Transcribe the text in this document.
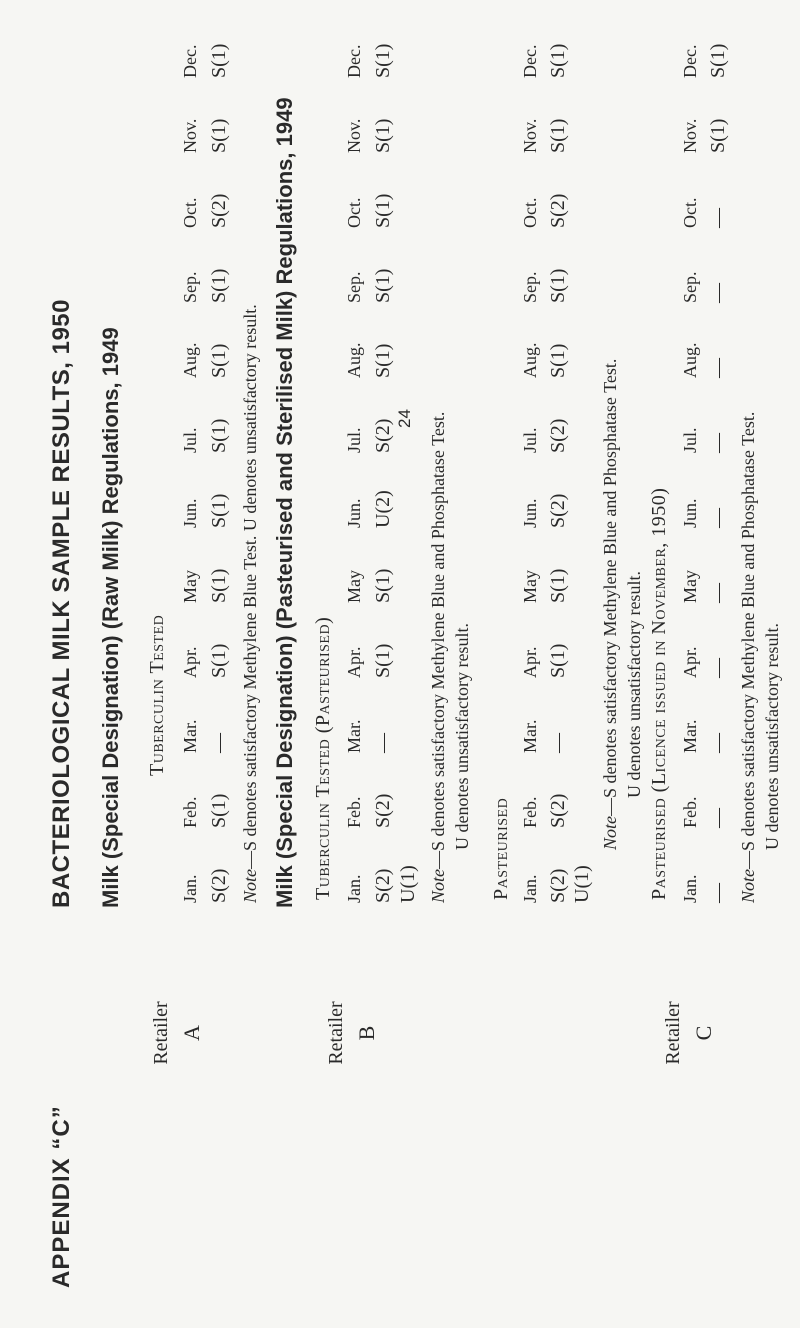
APPENDIX “C”
BACTERIOLOGICAL MILK SAMPLE RESULTS, 1950 Milk (Special Designation) (Raw Milk) Regulations, 1949
Retailer A
Tuberculin Tested
Jan.
Feb.
Mar.
Apr.
May
Jun.
Jul.
Aug.
Sep.
Oct.
Nov.
Dec.
S(2)
S(1)
—
S(1)
S(1)
S(1)
S(1)
S(1)
S(1)
S(2)
S(1)
S(1)
Note—S denotes satisfactory Methylene Blue Test. U denotes unsatisfactory result. Milk (Special Designation) (Pasteurised and Sterilised Milk) Regulations, 1949
Retailer B
Tuberculin Tested (Pasteurised) Jan.
Feb.
Mar.
Apr.
May
Jun.
Jul.
Aug.
Sep.
Oct.
Nov.
Dec.
S(2)
S(2)
—
S(1)
S(1)
U(2)
S(2)
S(1)
S(1)
S(1)
S(1)
S(1)
U(1) Note—S denotes satisfactory Methylene Blue and Phosphatase Test. U denotes unsatisfactory result. Pasteurised Jan.
Feb.
Mar.
Apr.
May
Jun.
Jul.
Aug.
Sep.
Oct.
Nov.
Dec.
S(2)
S(2)
—
S(1)
S(1)
S(2)
S(2)
S(1)
S(1)
S(2)
S(1)
S(1)
U(1)
Note—S denotes satisfactory Methylene Blue and Phosphatase Test. U denotes unsatisfactory result.
Retailer C
Pasteurised (Licence issued in November, 1950) Jan.
Feb.
Mar.
Apr.
May
Jun.
Jul.
Aug.
Sep.
Oct.
Nov.
Dec.
—
—
—
—
—
—
—
—
—
—
S(1)
S(1)
Note—S denotes satisfactory Methylene Blue and Phosphatase Test. U denotes unsatisfactory result.
24
